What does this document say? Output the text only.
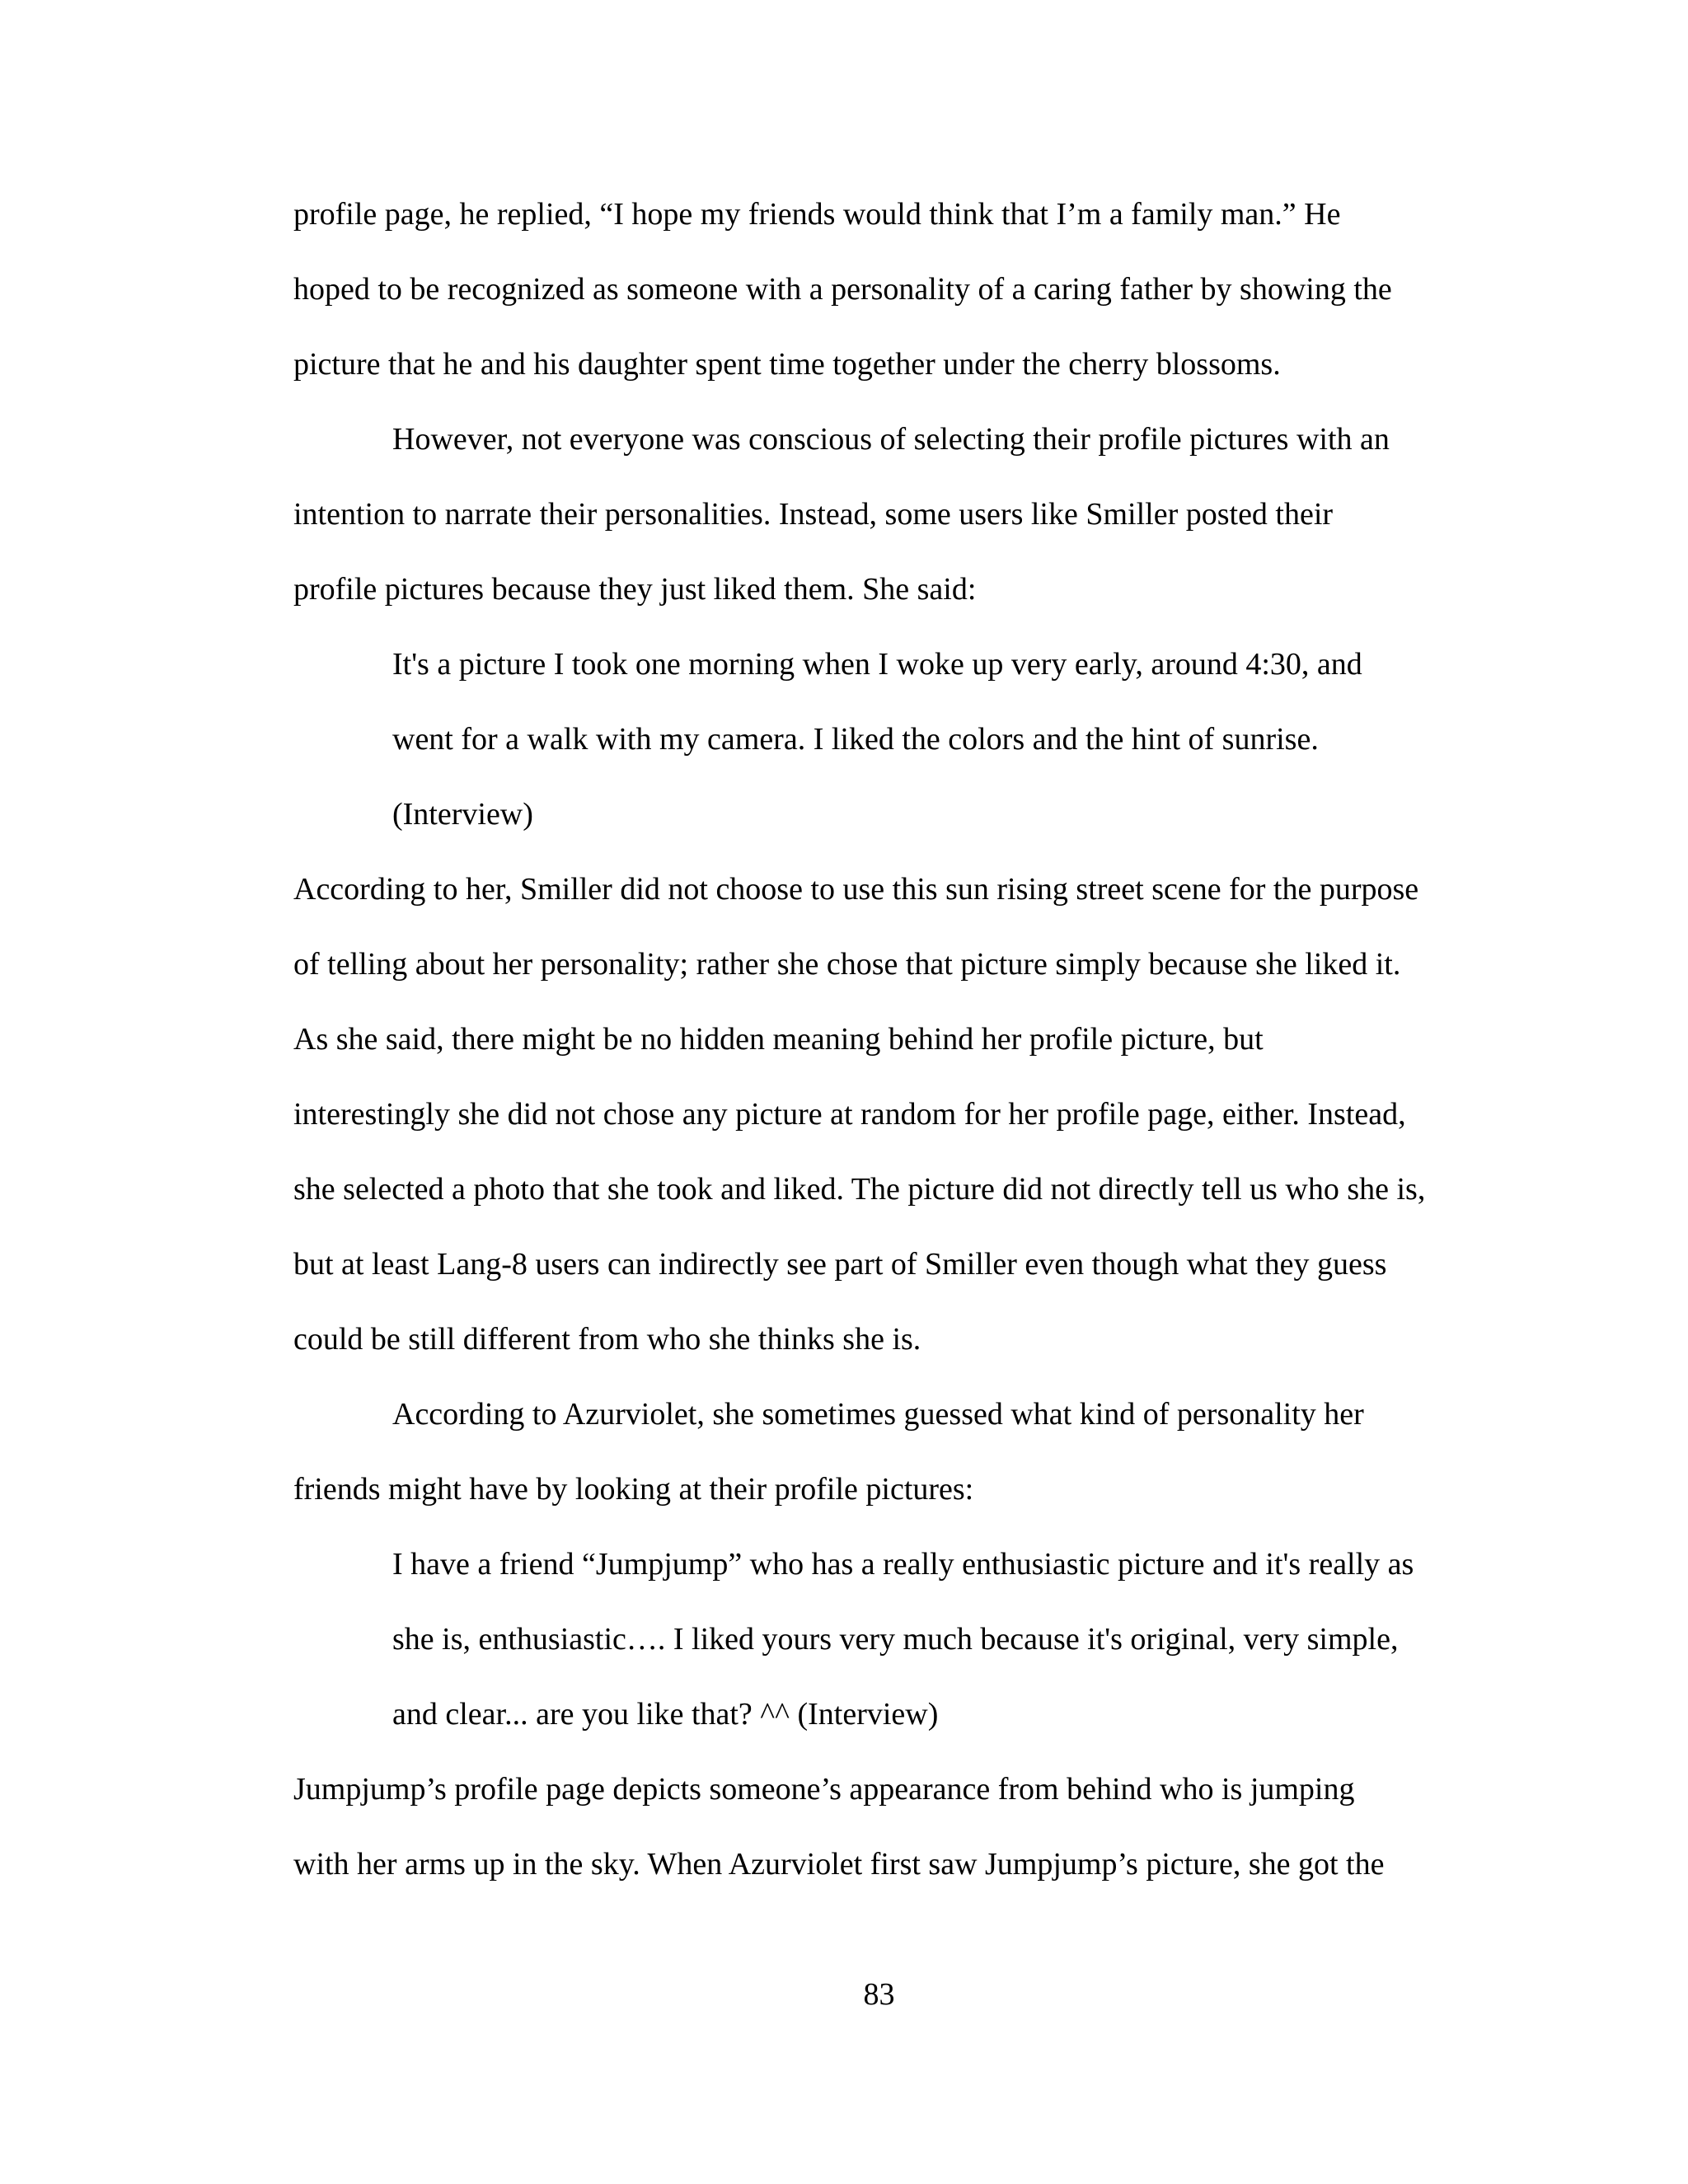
profile page, he replied, “I hope my friends would think that I’m a family man.” He
hoped to be recognized as someone with a personality of a caring father by showing the
picture that he and his daughter spent time together under the cherry blossoms.
However, not everyone was conscious of selecting their profile pictures with an
intention to narrate their personalities. Instead, some users like Smiller posted their
profile pictures because they just liked them. She said:
It's a picture I took one morning when I woke up very early, around 4:30, and
went for a walk with my camera. I liked the colors and the hint of sunrise.
(Interview)
According to her, Smiller did not choose to use this sun rising street scene for the purpose
of telling about her personality; rather she chose that picture simply because she liked it.
As she said, there might be no hidden meaning behind her profile picture, but
interestingly she did not chose any picture at random for her profile page, either. Instead,
she selected a photo that she took and liked. The picture did not directly tell us who she is,
but at least Lang-8 users can indirectly see part of Smiller even though what they guess
could be still different from who she thinks she is.
According to Azurviolet, she sometimes guessed what kind of personality her
friends might have by looking at their profile pictures:
I have a friend “Jumpjump” who has a really enthusiastic picture and it's really as
she is, enthusiastic…. I liked yours very much because it's original, very simple,
and clear... are you like that? ^^ (Interview)
Jumpjump’s profile page depicts someone’s appearance from behind who is jumping
with her arms up in the sky. When Azurviolet first saw Jumpjump’s picture, she got the
83
